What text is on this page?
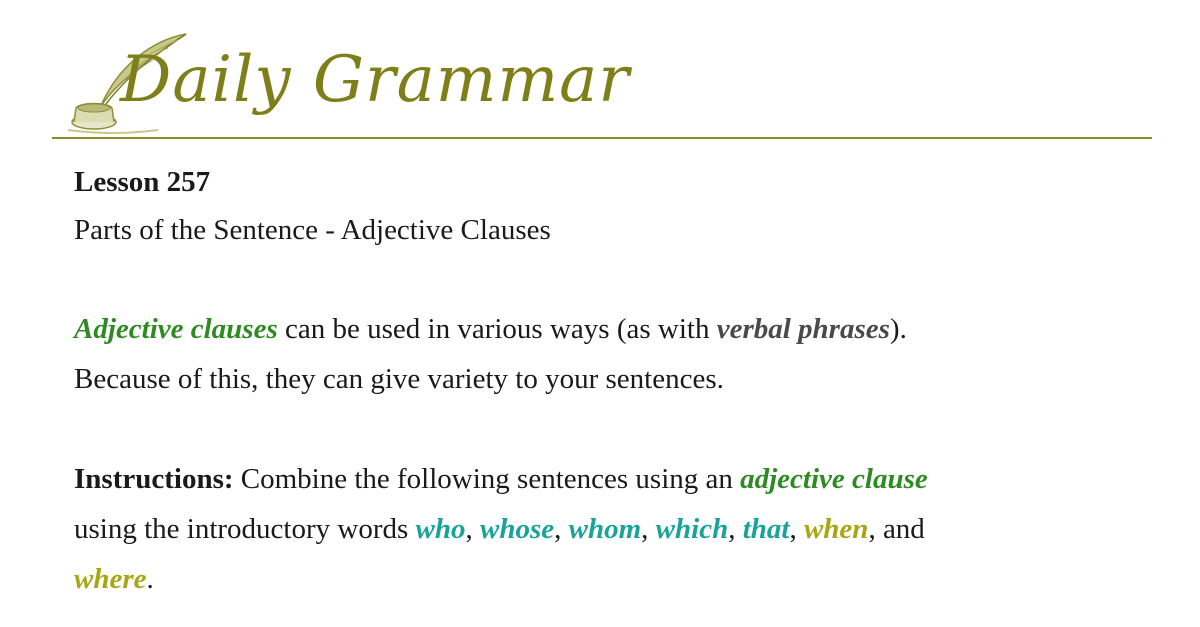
Daily Grammar
Lesson 257
Parts of the Sentence - Adjective Clauses

Adjective clauses can be used in various ways (as with verbal phrases).
Because of this, they can give variety to your sentences.

Instructions: Combine the following sentences using an adjective clause
using the introductory words who, whose, whom, which, that, when, and
where.
